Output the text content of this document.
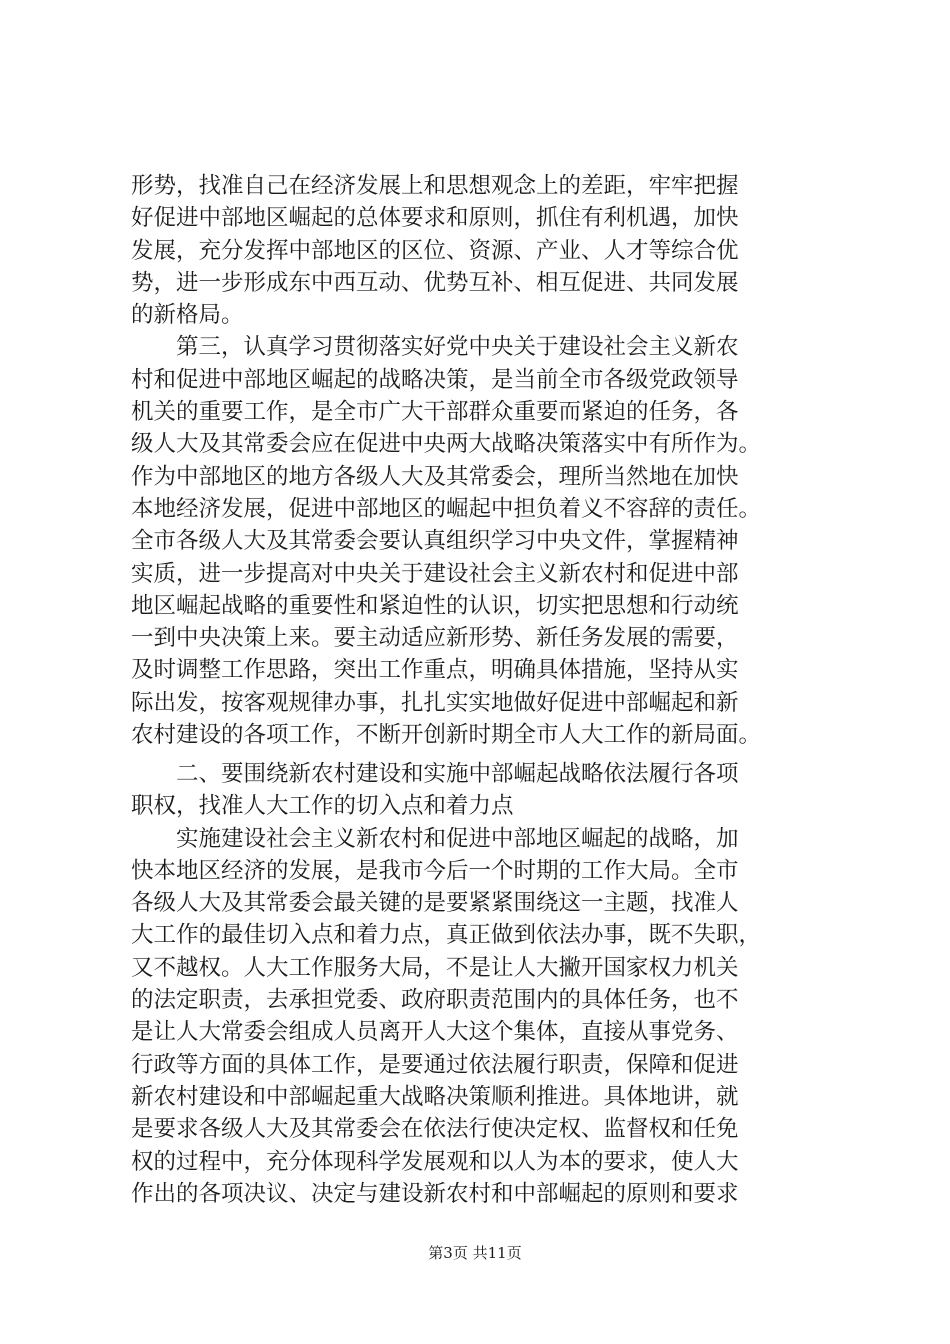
形势，找准自己在经济发展上和思想观念上的差距，牢牢把握
好促进中部地区崛起的总体要求和原则，抓住有利机遇，加快
发展，充分发挥中部地区的区位、资源、产业、人才等综合优
势，进一步形成东中西互动、优势互补、相互促进、共同发展
的新格局。
　　第三，认真学习贯彻落实好党中央关于建设社会主义新农
村和促进中部地区崛起的战略决策，是当前全市各级党政领导
机关的重要工作，是全市广大干部群众重要而紧迫的任务，各
级人大及其常委会应在促进中央两大战略决策落实中有所作为。
作为中部地区的地方各级人大及其常委会，理所当然地在加快
本地经济发展，促进中部地区的崛起中担负着义不容辞的责任。
全市各级人大及其常委会要认真组织学习中央文件，掌握精神
实质，进一步提高对中央关于建设社会主义新农村和促进中部
地区崛起战略的重要性和紧迫性的认识，切实把思想和行动统
一到中央决策上来。要主动适应新形势、新任务发展的需要，
及时调整工作思路，突出工作重点，明确具体措施，坚持从实
际出发，按客观规律办事，扎扎实实地做好促进中部崛起和新
农村建设的各项工作，不断开创新时期全市人大工作的新局面。
　　二、要围绕新农村建设和实施中部崛起战略依法履行各项
职权，找准人大工作的切入点和着力点
　　实施建设社会主义新农村和促进中部地区崛起的战略，加
快本地区经济的发展，是我市今后一个时期的工作大局。全市
各级人大及其常委会最关键的是要紧紧围绕这一主题，找准人
大工作的最佳切入点和着力点，真正做到依法办事，既不失职，
又不越权。人大工作服务大局，不是让人大撇开国家权力机关
的法定职责，去承担党委、政府职责范围内的具体任务，也不
是让人大常委会组成人员离开人大这个集体，直接从事党务、
行政等方面的具体工作，是要通过依法履行职责，保障和促进
新农村建设和中部崛起重大战略决策顺利推进。具体地讲，就
是要求各级人大及其常委会在依法行使决定权、监督权和任免
权的过程中，充分体现科学发展观和以人为本的要求，使人大
作出的各项决议、决定与建设新农村和中部崛起的原则和要求
第3页 共11页
